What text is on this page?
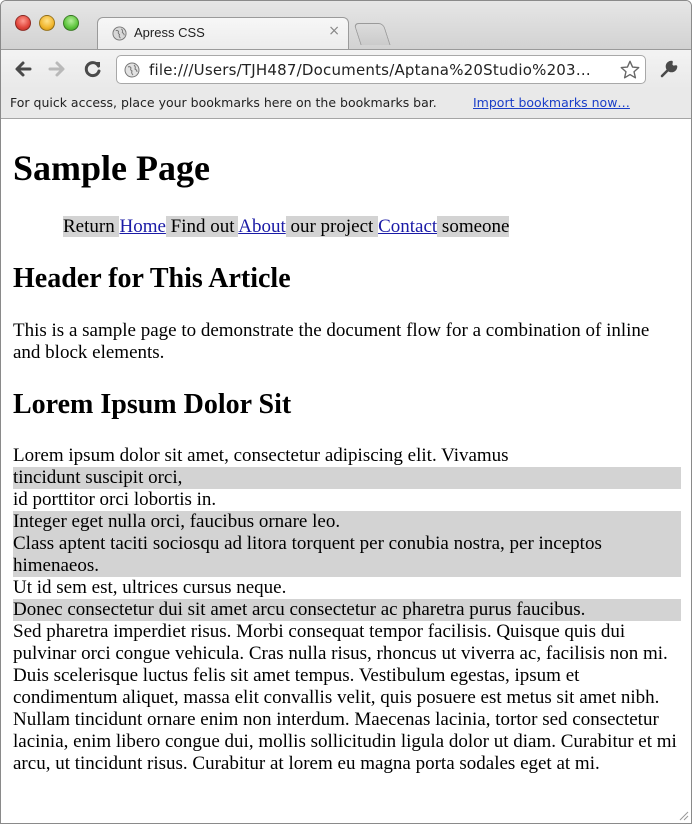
Apress CSS	×
file:///Users/TJH487/Documents/Aptana%20Studio%203…
For quick access, place your bookmarks here on the bookmarks bar.	Import bookmarks now…
Sample Page
Return Home Find out About our project Contact someone
Header for This Article

This is a sample page to demonstrate the document flow for a combination of inline and block elements.

Lorem Ipsum Dolor Sit
Lorem ipsum dolor sit amet, consectetur adipiscing elit. Vivamus
tincidunt suscipit orci,
id porttitor orci lobortis in.
Integer eget nulla orci, faucibus ornare leo.
Class aptent taciti sociosqu ad litora torquent per conubia nostra, per inceptos himenaeos.
Ut id sem est, ultrices cursus neque.
Donec consectetur dui sit amet arcu consectetur ac pharetra purus faucibus.
Sed pharetra imperdiet risus. Morbi consequat tempor facilisis. Quisque quis dui pulvinar orci congue vehicula. Cras nulla risus, rhoncus ut viverra ac, facilisis non mi. Duis scelerisque luctus felis sit amet tempus. Vestibulum egestas, ipsum et condimentum aliquet, massa elit convallis velit, quis posuere est metus sit amet nibh. Nullam tincidunt ornare enim non interdum. Maecenas lacinia, tortor sed consectetur lacinia, enim libero congue dui, mollis sollicitudin ligula dolor ut diam. Curabitur et mi arcu, ut tincidunt risus. Curabitur at lorem eu magna porta sodales eget at mi.
